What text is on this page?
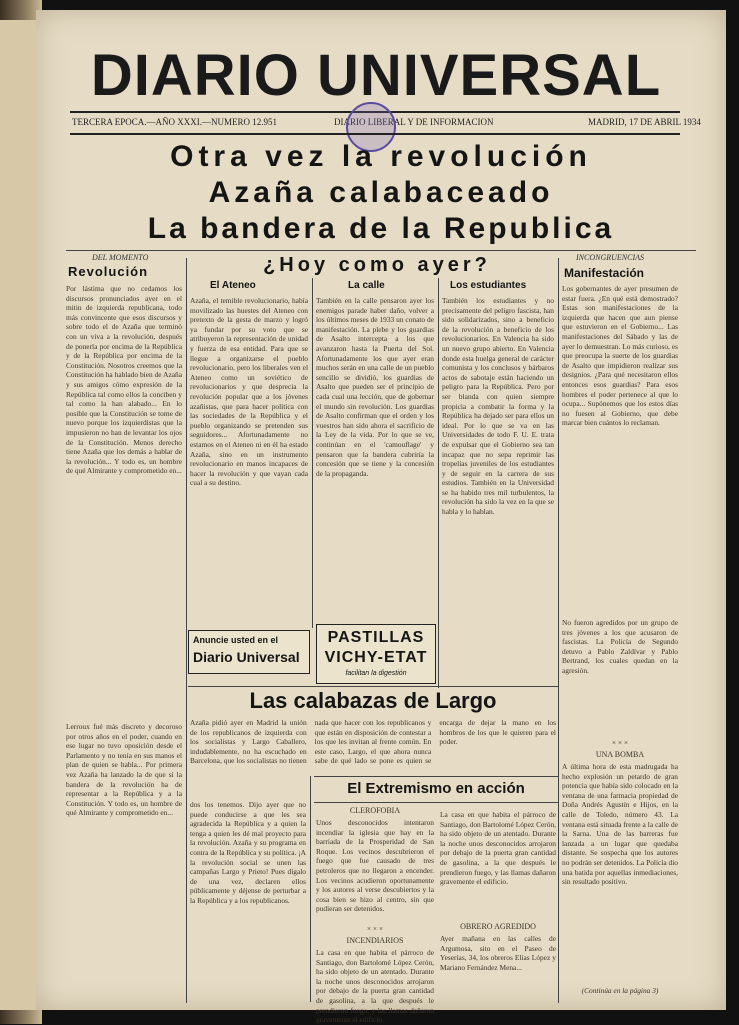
DIARIO UNIVERSAL
TERCERA EPOCA.—AÑO XXXI.—NUMERO 12.951	DIARIO LIBERAL Y DE INFORMACION	MADRID, 17 DE ABRIL 1934
Otra vez la revolución
Azaña calabaceado
La bandera de la Republica
DEL MOMENTO
Revolución
Por lástima que no cedamos los discursos pronunciados ayer en el mitin de izquierda republicana, todo más convincente que esos discursos y sobre todo el de Azaña que terminó con un viva a la revolución, después de ponerla por encima de la República y de la República por encima de la Constitución. Nosotros creemos que la Constitución ha hablado bien de Azaña y sus amigos cómo expresión de la República tal como ellos la conciben y tal como la han alabado... En lo posible que la Constitución se tome de nuevo porque los izquierdistas que la impusieron no han de levantar los ojos de la Constitución. Menos derecho tiene Azaña que los demás a hablar de la revolución... Y todo es, un hombre de qué Almirante y comprometido en...
Lerroux fué más discreto y decoroso por otros años en el poder, cuando en ese lugar no tuvo oposición desde el Parlamento y no tenía en sus manos el plan de quien se habla... Por primera vez Azaña ha lanzado la de que si la bandera de la revolución ha de representar a la República y a la Constitución. Y todo es, un hombre de qué Almirante y comprometido en...
¿Hoy como ayer?
El Ateneo
Azaña, el temible revolucionario, había movilizado las huestes del Ateneo con pretexto de la gesta de marzo y logró ya fundar por su voto que se atribuyeron la representación de unidad y fuerza de esa entidad. Para que se llegue a organizarse el pueblo revolucionario, pero los liberales ven el Ateneo como un soviético de revolucionarios y que desprecia la revolución popular que a los jóvenes azañistas, que para hacer política con las sociedades de la República y el pueblo organizando se pretenden sus seguidores... Afortunadamente no estamos en el Ateneo ni en él ha estado Azaña, sino en un instrumento revolucionario en manos incapaces de hacer la revolución y que vayan cada cual a su destino.
La calle
También en la calle pensaron ayer los enemigos parade haber daño, volver a los últimos meses de 1933 un conato de manifestación. La plebe y los guardias de Asalto intercepta a los que avanzaron hasta la Puerta del Sol. Afortunadamente los que ayer eran muchos serán en una calle de un pueblo sencillo se dividió, los guardias de Asalto que pueden ser el principio de cada cual una lección, que de gobernar el mundo sin revolución. Los guardias de Asalto confirman que el orden y los vuestros han sido ahora el sacrificio de la Ley de la vida. Por lo que se ve, continúan en el 'camouflage' y pensaron que la bandera cubriría la concesión que se tiene y la concesión de la propaganda.
Los estudiantes
También los estudiantes y no precisamente del peligro fascista, han sido solidarizados, sino a beneficio de la revolución a beneficio de los revolucionarios. En Valencia ha sido un nuevo grupo abierto. En Valencia donde esta huelga general de carácter comunista y los conclusos y bárbaros actos de sabotaje están haciendo un peligro para la República. Pero por ser blanda con quien siempre propicia a combatir la forma y la República ha dejado ser para ellos un ideal. Por lo que se va en las Universidades de todo F. U. E. trata de expulsar que el Gobierno sea tan incapaz que no sepa reprimir las tropelías juveniles de los estudiantes y de seguir en la carrera de sus estudios. También en la Universidad se ha habido tres mil turbulentos, la revolución ha sido la vez en la que se habla y lo hablan.
INCONGRUENCIAS
Manifestación
Los gobernantes de ayer presumen de estar fuera. ¿En qué está demostrado? Estas son manifestaciones de la izquierda que hacen que aun piense que estuvieron en el Gobierno... Las manifestaciones del Sábado y las de ayer lo demuestran. Lo más curioso, es que preocupa la suerte de los guardias de Asalto que impidieron realizar sus designios. ¿Para qué necesitaron ellos entonces esos guardias? Para esos hombres el poder pertenece al que lo ocupa... Supónemos que los estos días no fuesen al Gobierno, que debe marcar bien cuántos lo reclaman.
No fueron agredidos por un grupo de tres jóvenes a los que acusaron de fascistas. La Policía de Segundo detuvo a Pablo Zaldívar y Pablo Bertrand, los cuales quedan en la agresión.
× × ×
UNA BOMBA
A última hora de esta madrugada ha hecho explosión un petardo de gran potencia que había sido colocado en la ventana de una farmacia propiedad de Doña Andrés Agustín e Hijos, en la calle de Toledo, número 43. La ventana está situada frente a la calle de la Sarna. Una de las barreras fue lanzada a un lugar que quedaba distante. Se sospecha que los autores no podrán ser detenidos. La Policía dio una batida por aquellas inmediaciones, sin resultado positivo.
(Continúa en la página 3)
Anuncie usted en el
Diario Universal
PASTILLAS
VICHY-ETAT
facilitan la digestión
Las calabazas de Largo
Azaña pidió ayer en Madrid la unión de los republicanos de izquierda con los socialistas y Largo Caballero, indudablemente, no ha escuchado en Barcelona, que los socialistas no tienen nada que hacer con los republicanos y que están en disposición de contestar a los que les invitan al frente común. En este caso, Largo, el que ahora nunca sabe de qué lado se pone es quien se encarga de dejar la mano en los hombros de los que le quieren para el poder.
dos los tenemos. Dijo ayer que no puede conducirse a que les sea agradecida la República y a quien la tenga a quien les dé mal proyecto para la revolución. Azaña y su programa en contra de la República y su política. ¡A la revolución social se unen las campañas Largo y Prieto! Pues dígalo de una vez, declaren ellos públicamente y déjense de perturbar a la República y a los republicanos.
El Extremismo en acción
CLEROFOBIA
Unos desconocidos intentaron incendiar la iglesia que hay en la barriada de la Prosperidad de San Roque. Los vecinos descubrieron el fuego que fue causado de tres petroleros que no llegaron a encender. Los vecinos acudieron oportunamente y los autores al verse descubiertos y la cosa bien se hizo al centro, sin que pudieran ser detenidos.
× × ×
INCENDIARIOS
La casa en que habita el párroco de Santiago, don Bartolomé López Cerón, ha sido objeto de un atentado. Durante la noche unos desconocidos arrojaron por debajo de la puerta gran cantidad de gasolina, a la que después le prendieron fuego, y las llamas dañaron gravemente el edificio.
La casa en que habita el párroco de Santiago, don Bartolomé López Cerón, ha sido objeto de un atentado. Durante la noche unos desconocidos arrojaron por debajo de la puerta gran cantidad de gasolina, a la que después le prendieron fuego, y las llamas dañaron gravemente el edificio.
OBRERO AGREDIDO
Ayer mañana en las calles de Argumosa, sito en el Paseo de Yeserías, 34, los obreros Elías López y Mariano Fernández Mena...
